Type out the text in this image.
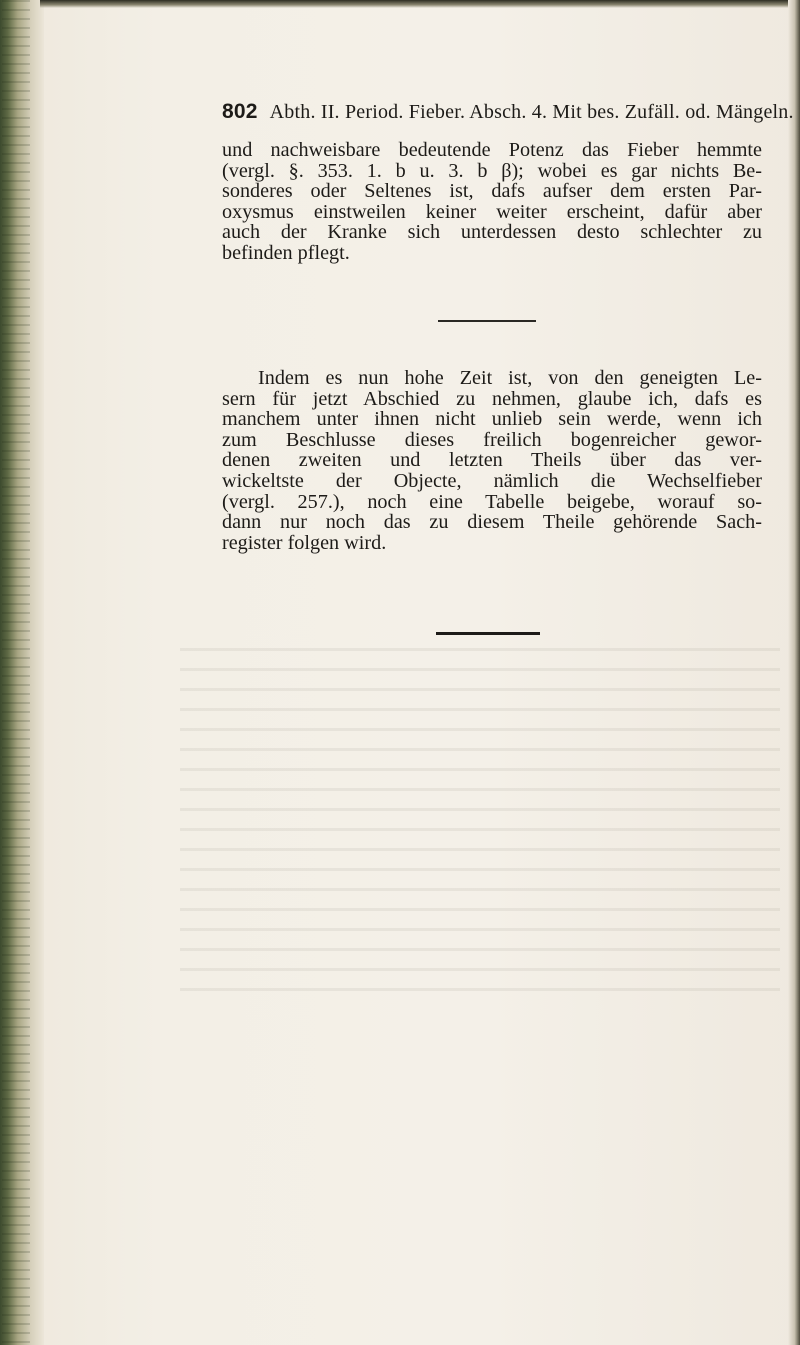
802 Abth. II. Period. Fieber. Absch. 4. Mit bes. Zufäll. od. Mängeln.
und nachweisbare bedeutende Potenz das Fieber hemmte
(vergl. §. 353. 1. b u. 3. b β); wobei es gar nichts Be-
sonderes oder Seltenes ist, dafs aufser dem ersten Par-
oxysmus einstweilen keiner weiter erscheint, dafür aber
auch der Kranke sich unterdessen desto schlechter zu
befinden pflegt.
Indem es nun hohe Zeit ist, von den geneigten Le-
sern für jetzt Abschied zu nehmen, glaube ich, dafs es
manchem unter ihnen nicht unlieb sein werde, wenn ich
zum Beschlusse dieses freilich bogenreicher gewor-
denen zweiten und letzten Theils über das ver-
wickeltste der Objecte, nämlich die Wechselfieber
(vergl. 257.), noch eine Tabelle beigebe, worauf so-
dann nur noch das zu diesem Theile gehörende Sach-
register folgen wird.
